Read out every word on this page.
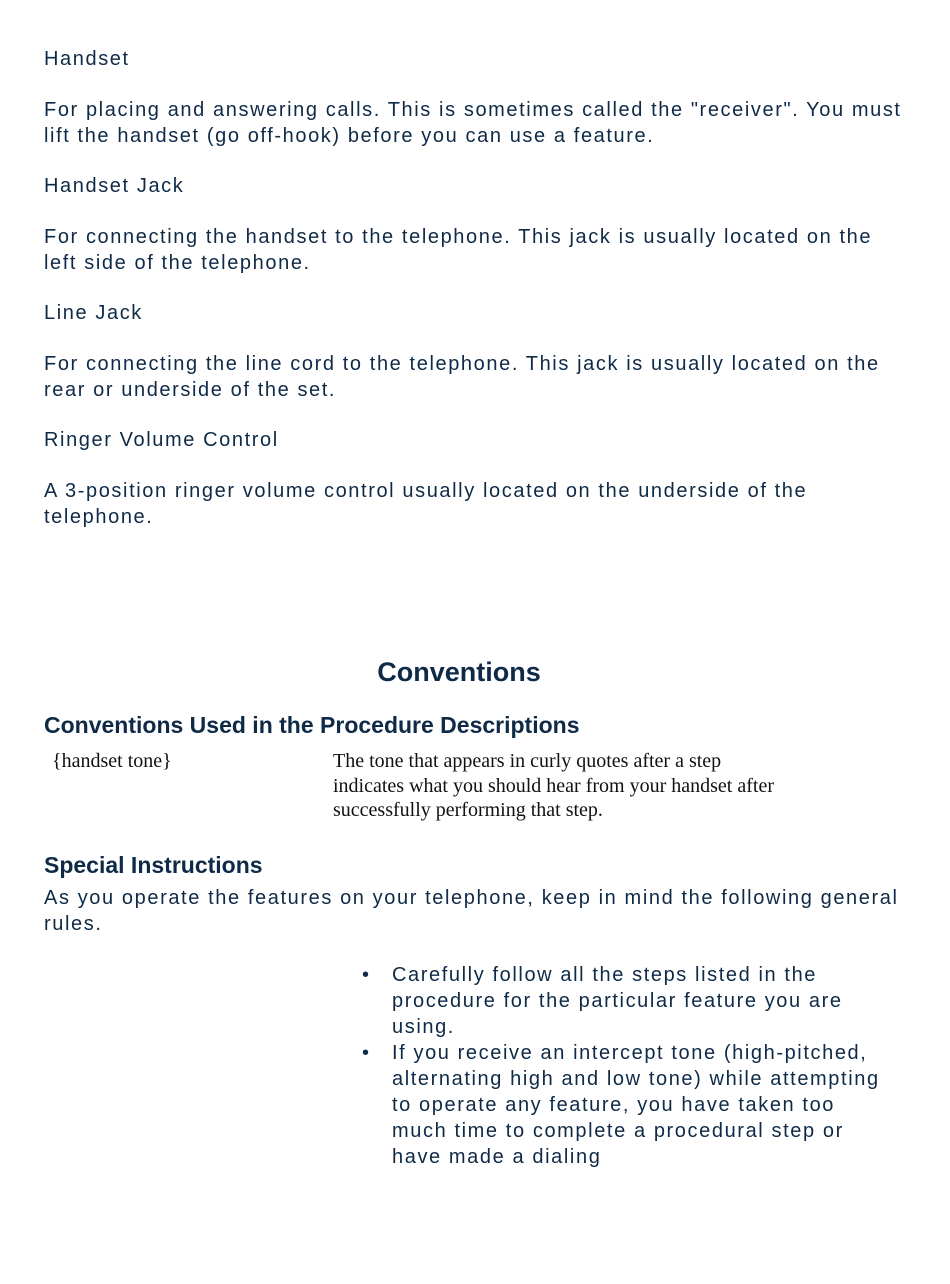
Handset

For placing and answering calls. This is sometimes called the "receiver". You must lift the handset (go off-hook) before you can use a feature.

Handset Jack

For connecting the handset to the telephone. This jack is usually located on the left side of the telephone.

Line Jack

For connecting the line cord to the telephone. This jack is usually located on the rear or underside of the set.

Ringer Volume Control

A 3-position ringer volume control usually located on the underside of the telephone.

Conventions
Conventions Used in the Procedure Descriptions

{handset tone}	The tone that appears in curly quotes after a step indicates what you should hear from your handset after successfully performing that step.

Special Instructions

As you operate the features on your telephone, keep in mind the following general rules.

• Carefully follow all the steps listed in the procedure for the particular feature you are using.
• If you receive an intercept tone (high-pitched, alternating high and low tone) while attempting to operate any feature, you have taken too much time to complete a procedural step or have made a dialing
